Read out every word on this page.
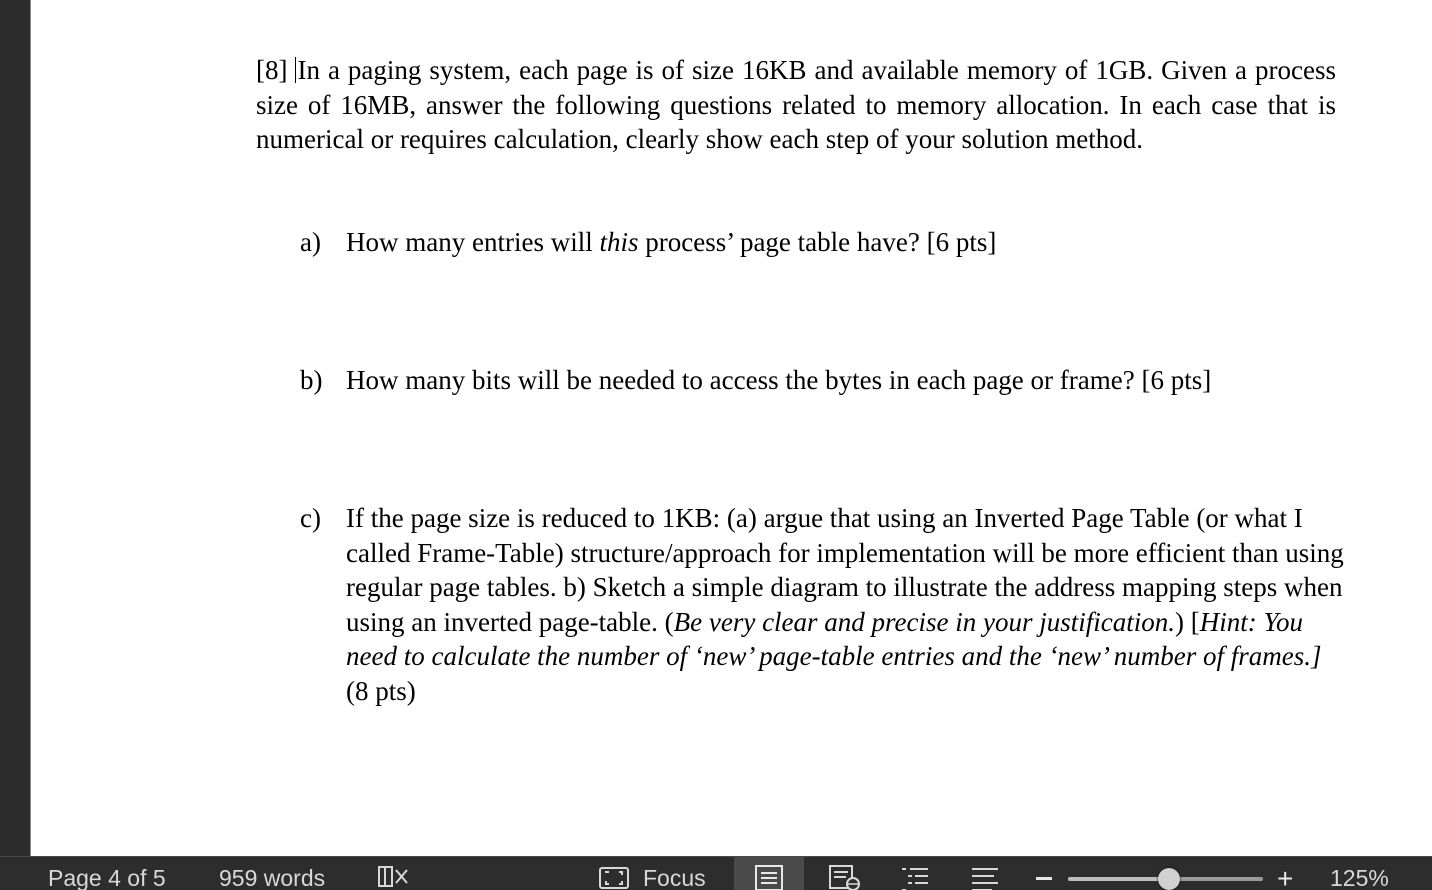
[8] In a paging system, each page is of size 16KB and available memory of 1GB. Given a process size of 16MB, answer the following questions related to memory allocation. In each case that is numerical or requires calculation, clearly show each step of your solution method.

a) How many entries will this process’ page table have? [6 pts]
b) How many bits will be needed to access the bytes in each page or frame? [6 pts]
c) If the page size is reduced to 1KB: (a) argue that using an Inverted Page Table (or what I called Frame-Table) structure/approach for implementation will be more efficient than using regular page tables. b) Sketch a simple diagram to illustrate the address mapping steps when using an inverted page-table. (Be very clear and precise in your justification.) [Hint: You need to calculate the number of ‘new’ page-table entries and the ‘new’ number of frames.] (8 pts)
Page 4 of 5 959 words	Focus	+ 125%
